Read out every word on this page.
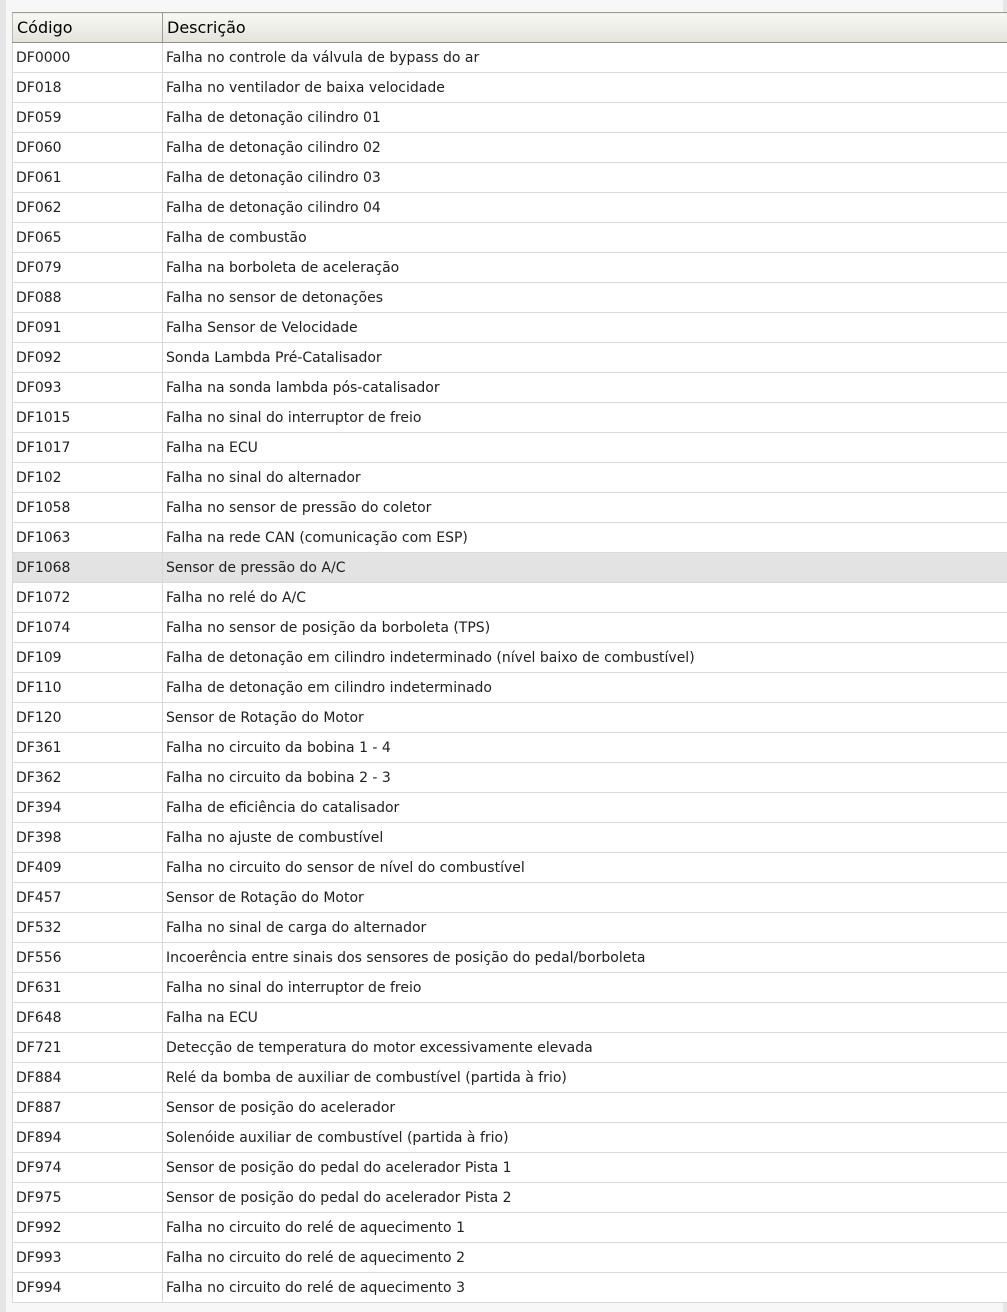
Código	Descrição
DF0000	Falha no controle da válvula de bypass do ar
DF018	Falha no ventilador de baixa velocidade
DF059	Falha de detonação cilindro 01
DF060	Falha de detonação cilindro 02
DF061	Falha de detonação cilindro 03
DF062	Falha de detonação cilindro 04
DF065	Falha de combustão
DF079	Falha na borboleta de aceleração
DF088	Falha no sensor de detonações
DF091	Falha Sensor de Velocidade
DF092	Sonda Lambda Pré-Catalisador
DF093	Falha na sonda lambda pós-catalisador
DF1015	Falha no sinal do interruptor de freio
DF1017	Falha na ECU
DF102	Falha no sinal do alternador
DF1058	Falha no sensor de pressão do coletor
DF1063	Falha na rede CAN (comunicação com ESP)
DF1068	Sensor de pressão do A/C
DF1072	Falha no relé do A/C
DF1074	Falha no sensor de posição da borboleta (TPS)
DF109	Falha de detonação em cilindro indeterminado (nível baixo de combustível)
DF110	Falha de detonação em cilindro indeterminado
DF120	Sensor de Rotação do Motor
DF361	Falha no circuito da bobina 1 - 4
DF362	Falha no circuito da bobina 2 - 3
DF394	Falha de eficiência do catalisador
DF398	Falha no ajuste de combustível
DF409	Falha no circuito do sensor de nível do combustível
DF457	Sensor de Rotação do Motor
DF532	Falha no sinal de carga do alternador
DF556	Incoerência entre sinais dos sensores de posição do pedal/borboleta
DF631	Falha no sinal do interruptor de freio
DF648	Falha na ECU
DF721	Detecção de temperatura do motor excessivamente elevada
DF884	Relé da bomba de auxiliar de combustível (partida à frio)
DF887	Sensor de posição do acelerador
DF894	Solenóide auxiliar de combustível (partida à frio)
DF974	Sensor de posição do pedal do acelerador Pista 1
DF975	Sensor de posição do pedal do acelerador Pista 2
DF992	Falha no circuito do relé de aquecimento 1
DF993	Falha no circuito do relé de aquecimento 2
DF994	Falha no circuito do relé de aquecimento 3
